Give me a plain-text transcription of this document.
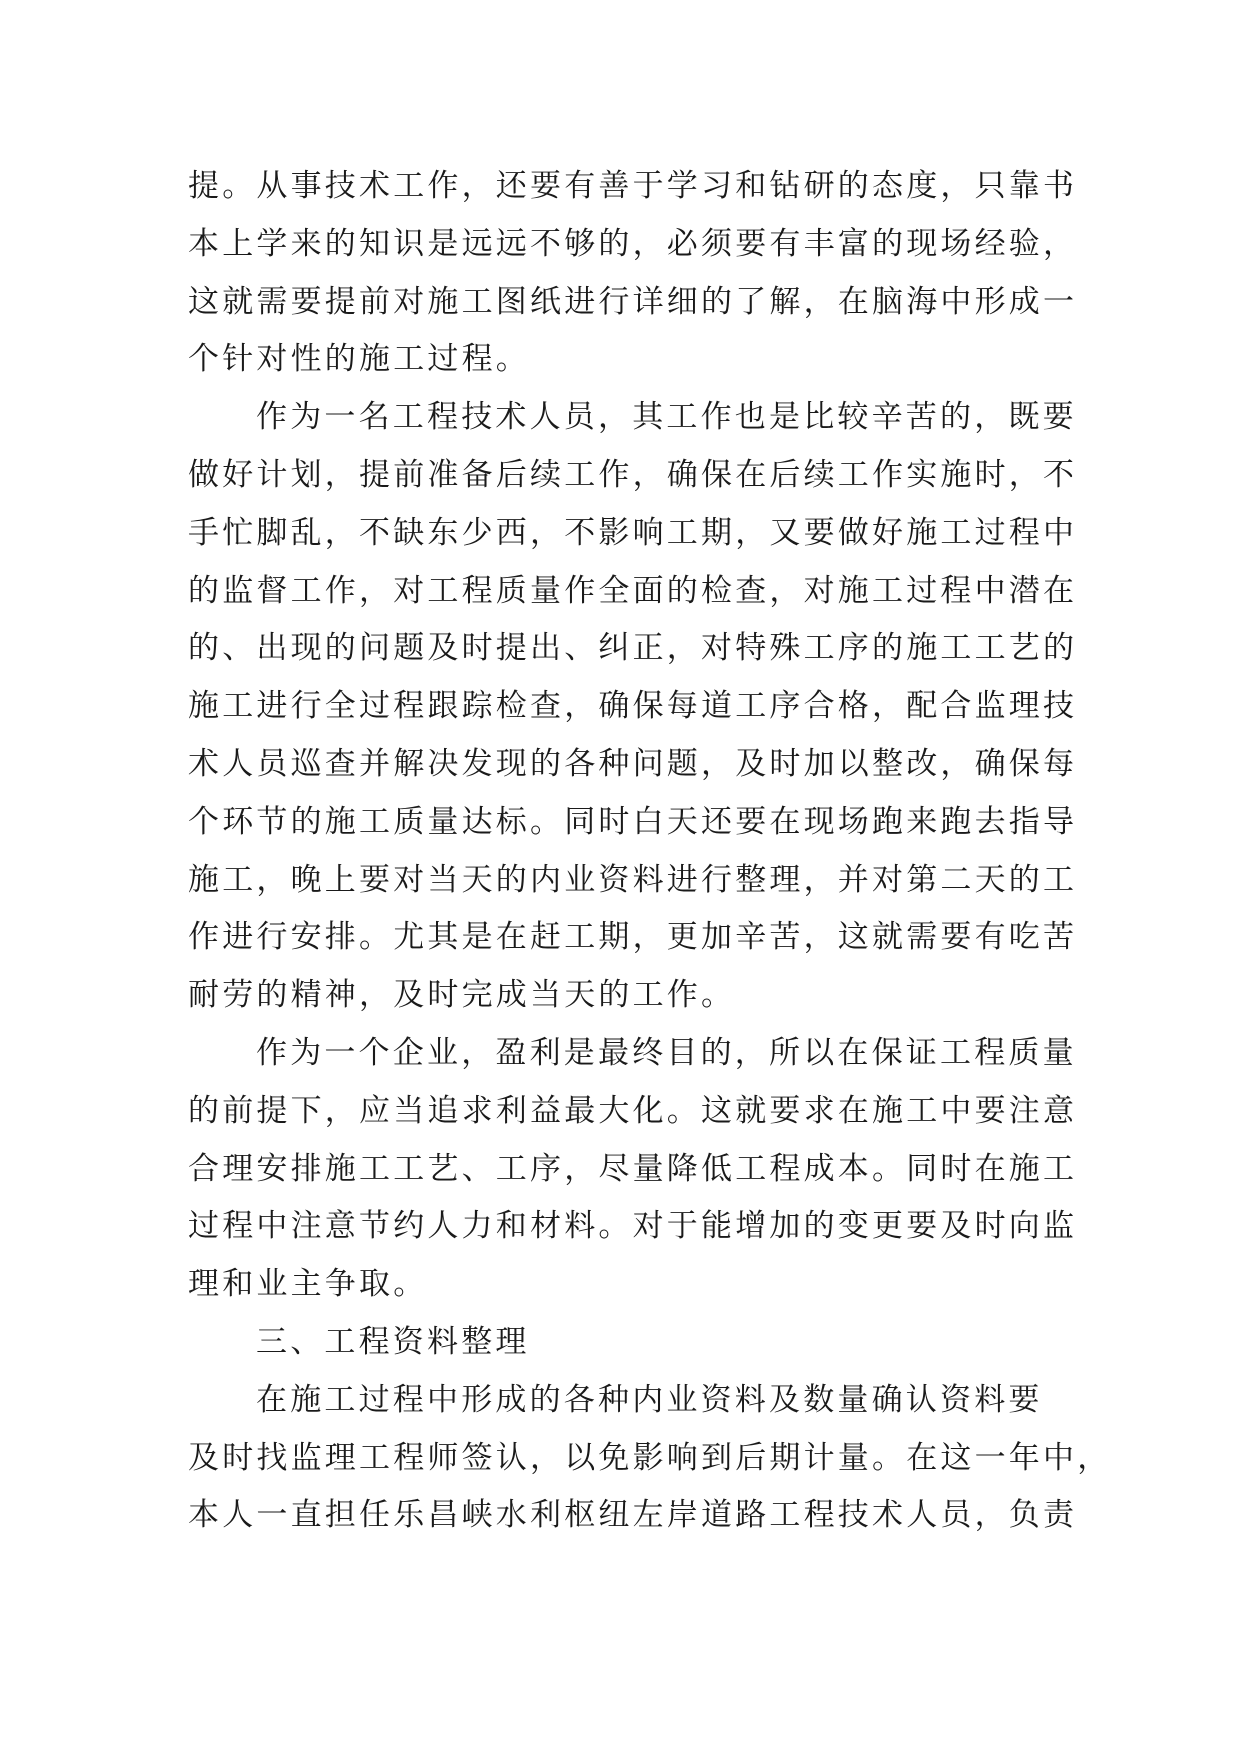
提。从事技术工作，还要有善于学习和钻研的态度，只靠书
本上学来的知识是远远不够的，必须要有丰富的现场经验，
这就需要提前对施工图纸进行详细的了解，在脑海中形成一
个针对性的施工过程。
作为一名工程技术人员，其工作也是比较辛苦的，既要
做好计划，提前准备后续工作，确保在后续工作实施时，不
手忙脚乱，不缺东少西，不影响工期，又要做好施工过程中
的监督工作，对工程质量作全面的检查，对施工过程中潜在
的、出现的问题及时提出、纠正，对特殊工序的施工工艺的
施工进行全过程跟踪检查，确保每道工序合格，配合监理技
术人员巡查并解决发现的各种问题，及时加以整改，确保每
个环节的施工质量达标。同时白天还要在现场跑来跑去指导
施工，晚上要对当天的内业资料进行整理，并对第二天的工
作进行安排。尤其是在赶工期，更加辛苦，这就需要有吃苦
耐劳的精神，及时完成当天的工作。
作为一个企业，盈利是最终目的，所以在保证工程质量
的前提下，应当追求利益最大化。这就要求在施工中要注意
合理安排施工工艺、工序，尽量降低工程成本。同时在施工
过程中注意节约人力和材料。对于能增加的变更要及时向监
理和业主争取。
三、工程资料整理
在施工过程中形成的各种内业资料及数量确认资料要
及时找监理工程师签认，以免影响到后期计量。在这一年中，
本人一直担任乐昌峡水利枢纽左岸道路工程技术人员，负责
